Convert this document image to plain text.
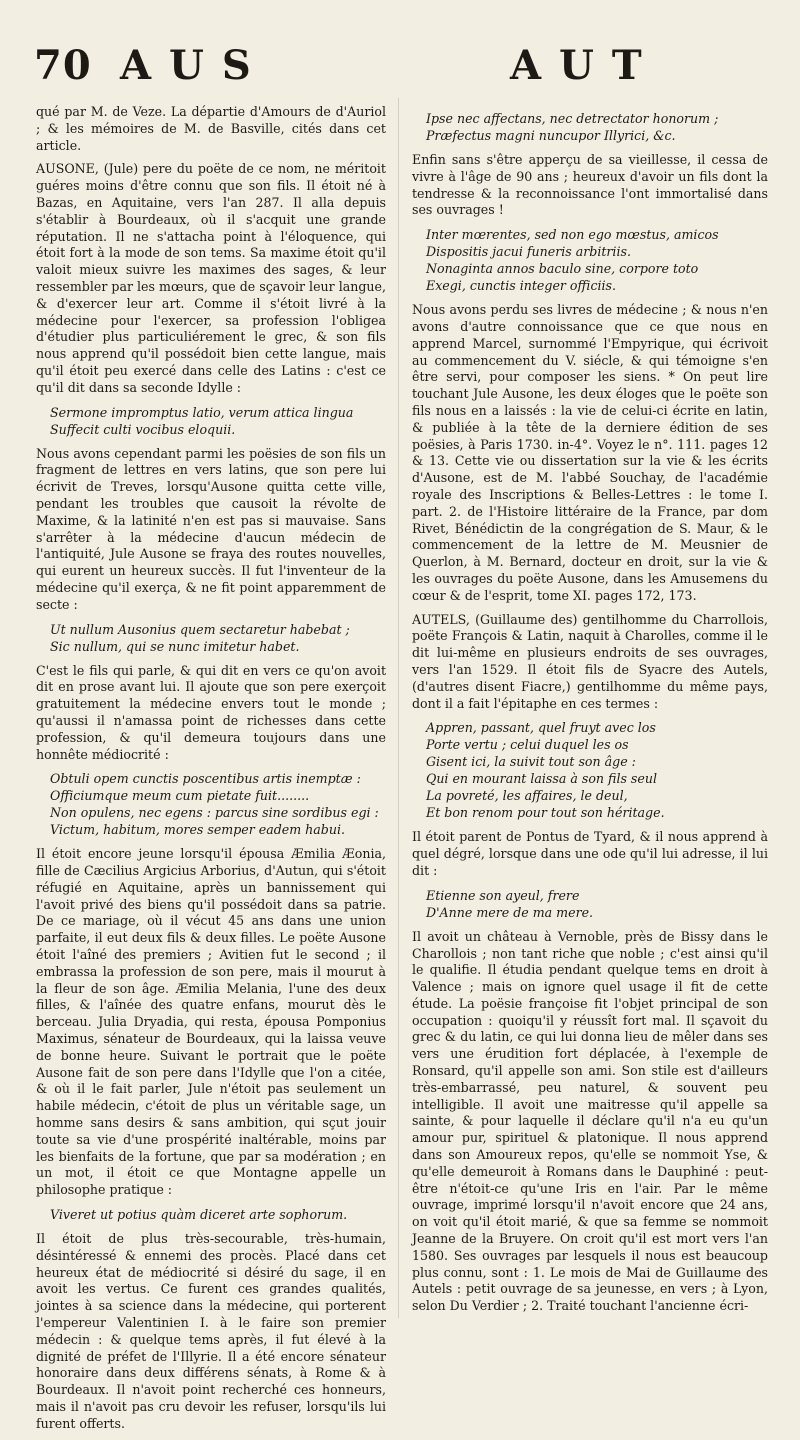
70 AUS	AUT

qué par M. de Veze. La départie d'Amours de d'Auriol ; & les mémoires de M. de Basville, cités dans cet article.

AUSONE, (Jule) pere du poëte de ce nom, ne méritoit guéres moins d'être connu que son fils. Il étoit né à Bazas, en Aquitaine, vers l'an 287. Il alla depuis s'établir à Bourdeaux, où il s'acquit une grande réputation. Il ne s'attacha point à l'éloquence, qui étoit fort à la mode de son tems. Sa maxime étoit qu'il valoit mieux suivre les maximes des sages, & leur ressembler par les mœurs, que de sçavoir leur langue, & d'exercer leur art. Comme il s'étoit livré à la médecine pour l'exercer, sa profession l'obligea d'étudier plus particuliérement le grec, & son fils nous apprend qu'il possédoit bien cette langue, mais qu'il étoit peu exercé dans celle des Latins : c'est ce qu'il dit dans sa seconde Idylle :

Sermone impromptus latio, verum attica lingua
Suffecit culti vocibus eloquii.

Nous avons cependant parmi les poësies de son fils un fragment de lettres en vers latins, que son pere lui écrivit de Treves, lorsqu'Ausone quitta cette ville, pendant les troubles que causoit la révolte de Maxime, & la latinité n'en est pas si mauvaise. Sans s'arrêter à la médecine d'aucun médecin de l'antiquité, Jule Ausone se fraya des routes nouvelles, qui eurent un heureux succès. Il fut l'inventeur de la médecine qu'il exerça, & ne fit point apparemment de secte :

Ut nullum Ausonius quem sectaretur habebat ;
Sic nullum, qui se nunc imitetur habet.

C'est le fils qui parle, & qui dit en vers ce qu'on avoit dit en prose avant lui. Il ajoute que son pere exerçoit gratuitement la médecine envers tout le monde ; qu'aussi il n'amassa point de richesses dans cette profession, & qu'il demeura toujours dans une honnête médiocrité :

Obtuli opem cunctis poscentibus artis inemptæ :
Officiumque meum cum pietate fuit........
Non opulens, nec egens : parcus sine sordibus egi :
Victum, habitum, mores semper eadem habui.

Il étoit encore jeune lorsqu'il épousa Æmilia Æonia, fille de Cæcilius Argicius Arborius, d'Autun, qui s'étoit réfugié en Aquitaine, après un bannissement qui l'avoit privé des biens qu'il possédoit dans sa patrie. De ce mariage, où il vécut 45 ans dans une union parfaite, il eut deux fils & deux filles. Le poëte Ausone étoit l'aîné des premiers ; Avitien fut le second ; il embrassa la profession de son pere, mais il mourut à la fleur de son âge. Æmilia Melania, l'une des deux filles, & l'aînée des quatre enfans, mourut dès le berceau. Julia Dryadia, qui resta, épousa Pomponius Maximus, sénateur de Bourdeaux, qui la laissa veuve de bonne heure. Suivant le portrait que le poëte Ausone fait de son pere dans l'Idylle que l'on a citée, & où il le fait parler, Jule n'étoit pas seulement un habile médecin, c'étoit de plus un véritable sage, un homme sans desirs & sans ambition, qui sçut jouir toute sa vie d'une prospérité inaltérable, moins par les bienfaits de la fortune, que par sa modération ; en un mot, il étoit ce que Montagne appelle un philosophe pratique :

Viveret ut potius quàm diceret arte sophorum.

Il étoit de plus très-secourable, très-humain, désintéressé & ennemi des procès. Placé dans cet heureux état de médiocrité si désiré du sage, il en avoit les vertus. Ce furent ces grandes qualités, jointes à sa science dans la médecine, qui porterent l'empereur Valentinien I. à le faire son premier médecin : & quelque tems après, il fut élevé à la dignité de préfet de l'Illyrie. Il a été encore sénateur honoraire dans deux différens sénats, à Rome & à Bourdeaux. Il n'avoit point recherché ces honneurs, mais il n'avoit pas cru devoir les refuser, lorsqu'ils lui furent offerts.

Ipse nec affectans, nec detrectator honorum ;
Præfectus magni nuncupor Illyrici, &c.

Enfin sans s'être apperçu de sa vieillesse, il cessa de vivre à l'âge de 90 ans ; heureux d'avoir un fils dont la tendresse & la reconnoissance l'ont immortalisé dans ses ouvrages !

Inter mœrentes, sed non ego mœstus, amicos
Dispositis jacui funeris arbitriis.
Nonaginta annos baculo sine, corpore toto
Exegi, cunctis integer officiis.

Nous avons perdu ses livres de médecine ; & nous n'en avons d'autre connoissance que ce que nous en apprend Marcel, surnommé l'Empyrique, qui écrivoit au commencement du V. siécle, & qui témoigne s'en être servi, pour composer les siens. * On peut lire touchant Jule Ausone, les deux éloges que le poëte son fils nous en a laissés : la vie de celui-ci écrite en latin, & publiée à la tête de la derniere édition de ses poësies, à Paris 1730. in-4°. Voyez le n°. 111. pages 12 & 13. Cette vie ou dissertation sur la vie & les écrits d'Ausone, est de M. l'abbé Souchay, de l'académie royale des Inscriptions & Belles-Lettres : le tome I. part. 2. de l'Histoire littéraire de la France, par dom Rivet, Bénédictin de la congrégation de S. Maur, & le commencement de la lettre de M. Meusnier de Querlon, à M. Bernard, docteur en droit, sur la vie & les ouvrages du poëte Ausone, dans les Amusemens du cœur & de l'esprit, tome XI. pages 172, 173.

AUTELS, (Guillaume des) gentilhomme du Charrollois, poëte François & Latin, naquit à Charolles, comme il le dit lui-même en plusieurs endroits de ses ouvrages, vers l'an 1529. Il étoit fils de Syacre des Autels, (d'autres disent Fiacre,) gentilhomme du même pays, dont il a fait l'épitaphe en ces termes :

Appren, passant, quel fruyt avec los
Porte vertu ; celui duquel les os
Gisent ici, la suivit tout son âge :
Qui en mourant laissa à son fils seul
La povreté, les affaires, le deul,
Et bon renom pour tout son héritage.

Il étoit parent de Pontus de Tyard, & il nous apprend à quel dégré, lorsque dans une ode qu'il lui adresse, il lui dit :

Etienne son ayeul, frere
D'Anne mere de ma mere.

Il avoit un château à Vernoble, près de Bissy dans le Charollois ; non tant riche que noble ; c'est ainsi qu'il le qualifie. Il étudia pendant quelque tems en droit à Valence ; mais on ignore quel usage il fit de cette étude. La poësie françoise fit l'objet principal de son occupation : quoiqu'il y réussît fort mal. Il sçavoit du grec & du latin, ce qui lui donna lieu de mêler dans ses vers une érudition fort déplacée, à l'exemple de Ronsard, qu'il appelle son ami. Son stile est d'ailleurs très-embarrassé, peu naturel, & souvent peu intelligible. Il avoit une maitresse qu'il appelle sa sainte, & pour laquelle il déclare qu'il n'a eu qu'un amour pur, spirituel & platonique. Il nous apprend dans son Amoureux repos, qu'elle se nommoit Yse, & qu'elle demeuroit à Romans dans le Dauphiné : peut-être n'étoit-ce qu'une Iris en l'air. Par le même ouvrage, imprimé lorsqu'il n'avoit encore que 24 ans, on voit qu'il étoit marié, & que sa femme se nommoit Jeanne de la Bruyere. On croit qu'il est mort vers l'an 1580. Ses ouvrages par lesquels il nous est beaucoup plus connu, sont : 1. Le mois de Mai de Guillaume des Autels : petit ouvrage de sa jeunesse, en vers ; à Lyon, selon Du Verdier ; 2. Traité touchant l'ancienne écri-
